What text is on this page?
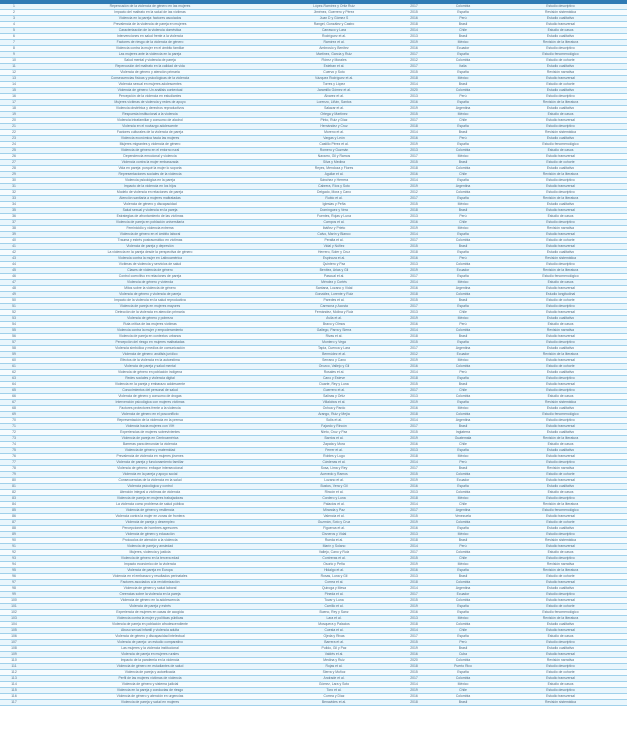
1	Repercusión de la violencia de género en las mujeres	López-Ramírez y Ortiz Ruiz	2017	Colombia	Estudio descriptivo
2	Impacto del maltrato en la salud de las víctimas	Jiménez, Guerrero y Pérez	2015	España	Revisión sistemática
3	Violencia en la pareja: factores asociados	Juan D y Gómez S	2016	Perú	Estudio cualitativo
4	Prevalencia de la violencia de pareja en mujeres	Rangel, González y Castro	2018	Brasil	Estudio transversal
5	Caracterización de la violencia doméstica	Carrasco y Lara	2014	Chile	Estudio de casos
6	Intervenciones en salud frente a la violencia	Rodríguez et al.	2013	Brasil	Estudio cualitativo
7	Factores de riesgo de la violencia de género	Ramírez et al.	2019	México	Revisión de la literatura
8	Violencia contra la mujer en el ámbito familiar	Ambrosio y Benítez	2016	Ecuador	Estudio descriptivo
9	Las mujeres ante la violencia en la pareja	Martínez, García y Ruiz	2017	España	Estudio fenomenológico
10	Salud mental y violencia de pareja	Flórez y Morales	2012	Colombia	Estudio de cohorte
11	Repercusión del maltrato en la calidad de vida	Esteban et al.	2017	Italia	Estudio cualitativo
12	Violencia de género y atención primaria	Cuervo y Soto	2015	España	Revisión narrativa
13	Consecuencias físicas y psicológicas de la violencia	Vázquez Rodríguez et al.	2018	México	Estudio transversal
14	Violencia sexual en mujeres adolescentes	Torres y López	2014	Brasil	Estudio de cohorte
15	Violencia de género: Un análisis contextual	Jaramillo Gómez et al.	2020	Colombia	Estudio cualitativo
16	Percepción de la violencia en estudiantes	Álvarez et al.	2013	Perú	Estudio descriptivo
17	Mujeres víctimas de violencia y redes de apoyo	Lorenzo, Liñán, Santos	2016	España	Revisión de la literatura
18	Violencia obstétrica y derechos reproductivos	Salazar et al.	2019	Argentina	Estudio cualitativo
19	Respuesta institucional a la violencia	Ortega y Martínez	2015	México	Estudio de casos
20	Violencia intrafamiliar y consumo de alcohol	Pinto, Ruiz y Díaz	2017	Chile	Estudio transversal
21	Violencia en el noviazgo adolescente	Hernández y Cruz	2018	España	Estudio descriptivo
22	Factores culturales de la violencia de pareja	Moreno et al.	2014	Brasil	Revisión sistemática
23	Violencia económica hacia las mujeres	Vargas y León	2016	Perú	Estudio cualitativo
24	Mujeres migrantes y violencia de género	Castillo Pérez et al.	2019	España	Estudio fenomenológico
25	Violencia de género en el entorno rural	Romero y Guzmán	2013	Colombia	Estudio de casos
26	Dependencia emocional y violencia	Navarro, Gil y Ramos	2017	México	Estudio transversal
27	Violencia contra la mujer embarazada	Silva y Medina	2015	Brasil	Estudio de cohorte
28	Vida en pareja: porqué la mujer lo soporta	Reyes, Mendoza y Flores	2018	Colombia	Estudio cualitativo
29	Representaciones sociales de la violencia	Aguilar et al.	2016	Chile	Revisión de la literatura
30	Violencia psicológica en la pareja	Sánchez y Herrera	2014	España	Estudio descriptivo
31	Impacto de la violencia en los hijos	Cabrera, Ríos y Soto	2019	Argentina	Estudio transversal
32	Modelo de violencia en relaciones de pareja	Delgado, Mora y Cano	2012	Colombia	Estudio descriptivo
33	Atención sanitaria a mujeres maltratadas	Rubio et al.	2017	España	Revisión de la literatura
34	Violencia de género y discapacidad	Iglesias y Peña	2015	México	Estudio cualitativo
35	Salud sexual y violencia en la pareja	Domínguez y Vera	2018	Brasil	Estudio transversal
36	Estrategias de afrontamiento de las víctimas	Fuentes, Rojas y Luna	2013	Perú	Estudio de casos
37	Violencia de pareja en población universitaria	Campos et al.	2016	Chile	Estudio descriptivo
38	Feminicidio y violencia extrema	Ibáñez y Prieto	2019	México	Revisión narrativa
39	Violencia de género en el ámbito laboral	Calvo, Marín y Blanco	2014	España	Estudio transversal
40	Trauma y estrés postraumático en víctimas	Peralta et al.	2017	Colombia	Estudio de cohorte
41	Violencia de pareja y depresión	Vidal y Núñez	2015	Brasil	Estudio transversal
42	La violencia en la pareja desde la perspectiva de género	Herrero, Soler y Cruz	2018	España	Estudio cualitativo
43	Violencia contra la mujer en Latinoamérica	Espinoza et al.	2016	Perú	Revisión sistemática
44	Víctimas de violencia y servicios de salud	Quintero y Paz	2013	Colombia	Estudio descriptivo
45	Clases de violencia de género	Benítez, Arias y Gil	2019	Ecuador	Revisión de la literatura
46	Control coercitivo en relaciones de pareja	Pascual et al.	2017	España	Estudio fenomenológico
47	Violencia de género y vivienda	Méndez y Cortés	2014	México	Estudio de casos
48	Mitos sobre la violencia de género	Santana, Lozano y Vidal	2016	Argentina	Estudio transversal
49	Violencia de género y violencia de pareja	González, Lorente y Ruiz	2018	Colombia	Estudio longitudinal
50	Impacto de la violencia en la salud reproductiva	Paredes et al.	2015	Brasil	Estudio de cohorte
51	Violencia de pareja en mujeres mayores	Carmona y Acosta	2017	España	Estudio descriptivo
52	Detección de la violencia en atención primaria	Fernández, Molina y Ruiz	2013	Chile	Estudio transversal
53	Violencia de género y pobreza	Ávila et al.	2019	México	Estudio cualitativo
54	Ruta crítica de las mujeres víctimas	Bravo y Olmos	2016	Perú	Estudio de casos
55	Violencia contra la mujer y empoderamiento	Gallego, Parra y Sierra	2014	Colombia	Revisión narrativa
56	Violencia de pareja en contextos urbanos	Rivas et al.	2018	Brasil	Estudio transversal
57	Percepción del riesgo en mujeres maltratadas	Montero y Vega	2015	España	Estudio descriptivo
58	Violencia simbólica y medios de comunicación	Tapia, Cuenca y Lara	2017	Argentina	Estudio cualitativo
59	Violencia de género: análisis jurídico	Bermúdez et al.	2012	Ecuador	Revisión de la literatura
60	Efectos de la violencia en la autoestima	Serrano y Cano	2019	México	Estudio transversal
61	Violencia de pareja y salud mental	Orozco, Vallejo y Gil	2016	Colombia	Estudio de cohorte
62	Violencia de género en población indígena	Rosales et al.	2014	Perú	Estudio cualitativo
63	Redes sociales y violencia digital	Cano y Esteve	2018	España	Estudio descriptivo
64	Violencia en la pareja y embarazo adolescente	Duarte, Rey y Luna	2015	Brasil	Estudio transversal
65	Conocimientos del personal de salud	Guerrero et al.	2017	Chile	Estudio descriptivo
66	Violencia de género y consumo de drogas	Salinas y Ortiz	2013	Colombia	Estudio de casos
67	Intervención psicológica con mujeres víctimas	Villalobos et al.	2019	España	Revisión sistemática
68	Factores protectores frente a la violencia	Ochoa y Pardo	2016	México	Estudio cualitativo
69	Violencia de género en el posconflicto	Arango, Ruiz y Mejía	2018	Colombia	Estudio fenomenológico
70	Representación de la violencia en la prensa	Solís et al.	2014	Argentina	Estudio descriptivo
71	Violencia hacia mujeres con VIH	Fajardo y Rincón	2017	Brasil	Estudio transversal
72	Experiencias de mujeres sobrevivientes	Nieto, Cruz y Paz	2015	Inglaterra	Estudio cualitativo
73	Violencia de pareja en Centroamérica	Barrios et al.	2019	Guatemala	Revisión de la literatura
74	Barreras para denunciar la violencia	Zapata y Mora	2016	Chile	Estudio de casos
75	Violencia de género y maternidad	Ferrer et al.	2013	España	Estudio cualitativo
76	Prevalencia de violencia en mujeres jóvenes	Robles y Lugo	2018	México	Estudio transversal
77	Violencia de pareja y funcionamiento familiar	Cárdenas et al.	2014	Perú	Estudio descriptivo
78	Violencia de género: enfoque interseccional	Sosa, Lima y Rey	2017	Brasil	Revisión narrativa
79	Violencia en la pareja y apoyo social	Acevedo y Ramos	2015	Colombia	Estudio de cohorte
80	Consecuencias de la violencia en la salud	Lozano et al.	2019	Ecuador	Estudio transversal
81	Violencia psicológica y control	Bustos, Vera y Gil	2016	España	Estudio cualitativo
82	Atención integral a víctimas de violencia	Rincón et al.	2013	Colombia	Estudio de casos
83	Violencia de pareja en mujeres trabajadoras	Cordero y Luna	2018	México	Estudio descriptivo
84	La violencia como problema de salud pública	Palacios et al.	2014	Chile	Revisión de la literatura
85	Violencia de género y resiliencia	Miranda y Paz	2017	Argentina	Estudio fenomenológico
86	Violencia contra la mujer en zonas de frontera	Valencia et al.	2015	Venezuela	Estudio transversal
87	Violencia de pareja y desempleo	Guzmán, Soto y Cruz	2019	Colombia	Estudio de cohorte
88	Percepciones de hombres agresores	Figueroa et al.	2016	España	Estudio cualitativo
89	Violencia de género y educación	Cisneros y Vidal	2013	México	Estudio descriptivo
90	Protocolos de atención a la violencia	Rueda et al.	2018	Brasil	Revisión sistemática
91	Violencia de pareja y ansiedad	Marín y Solano	2014	Perú	Estudio transversal
92	Mujeres, violencia y justicia	Vallejo, Cano y Ruiz	2017	Colombia	Estudio de casos
93	Violencia de género en la tercera edad	Contreras et al.	2015	Chile	Estudio descriptivo
94	Impacto económico de la violencia	Osorio y Peña	2019	México	Revisión narrativa
95	Violencia de pareja en Europa	Hidalgo et al.	2016	España	Revisión de la literatura
96	Violencia en el embarazo y resultados perinatales	Rosas, Luna y Gil	2013	Brasil	Estudio de cohorte
97	Factores asociados a la revictimización	Correa et al.	2018	Colombia	Estudio transversal
98	Violencia de género y salud laboral	Quiroga y Mesa	2014	Argentina	Estudio cualitativo
99	Creencias sobre la violencia en la pareja	Pineda et al.	2017	Ecuador	Estudio descriptivo
100	Violencia de género en la adolescencia	Tovar y Luna	2015	Colombia	Estudio transversal
101	Violencia de pareja y estrés	Carrillo et al.	2019	España	Estudio de cohorte
102	Experiencia de mujeres en casas de acogida	Bueno, Rey y Sanz	2016	España	Estudio fenomenológico
103	Violencia contra la mujer y políticas públicas	Lara et al.	2013	México	Revisión de la literatura
104	Violencia de pareja en población afrodescendiente	Mosquera y Palacios	2018	Colombia	Estudio cualitativo
105	Abuso sexual infantil y violencia adulta	Cuesta et al.	2014	Chile	Estudio transversal
106	Violencia de género y discapacidad intelectual	Ojeda y Rivas	2017	España	Estudio de casos
107	Violencia de pareja: un estudio comparativo	Barrera et al.	2015	Perú	Estudio descriptivo
108	Las mujeres y la violencia institucional	Pulido, Gil y Paz	2019	Brasil	Estudio cualitativo
109	Violencia de pareja en mujeres rurales	Valdés et al.	2016	Cuba	Estudio transversal
110	Impacto de la pandemia en la violencia	Medina y Ruiz	2020	Colombia	Revisión narrativa
111	Violencia de género en estudiantes de salud	Rojas et al.	2018	Puerto Rico	Estudio descriptivo
112	Violencia de pareja y autoeficacia	Sierra y Muñoz	2015	España	Estudio de cohorte
113	Perfil de las mujeres víctimas de violencia	Andrade et al.	2017	Colombia	Estudio transversal
114	Violencia de género y sistema judicial	Gómez, Lara y Soto	2014	México	Estudio de casos
115	Violencia en la pareja y conductas de riesgo	Toro et al.	2019	Chile	Estudio descriptivo
116	Violencia de género y atención en urgencias	Correa y Díaz	2016	Colombia	Estudio transversal
117	Violencia de pareja y salud en mujeres	Benavides et al.	2018	Brasil	Revisión sistemática
